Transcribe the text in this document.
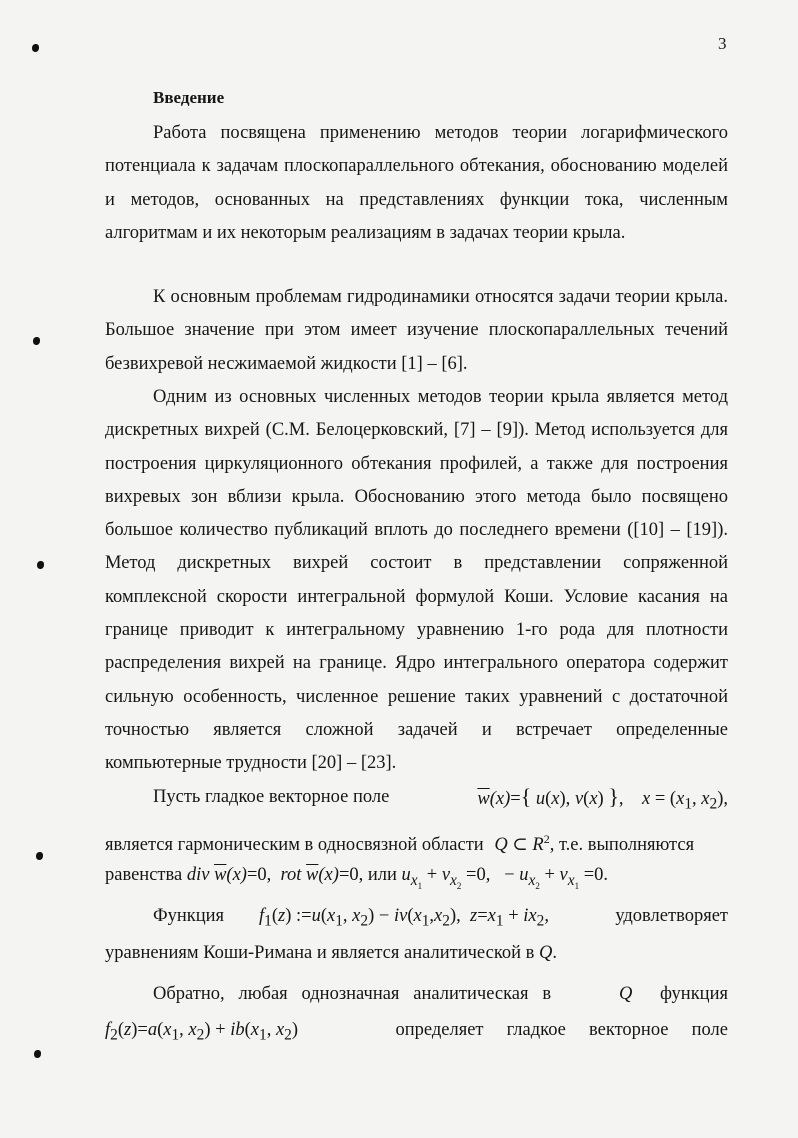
3
Введение

Работа посвящена применению методов теории логарифмического потенциала к задачам плоскопараллельного обтекания, обоснованию моделей и методов, основанных на представлениях функции тока, численным алгоритмам и их некоторым реализациям в задачах теории крыла.

К основным проблемам гидродинамики относятся задачи теории крыла. Большое значение при этом имеет изучение плоскопараллельных течений безвихревой несжимаемой жидкости [1] – [6].

Одним из основных численных методов теории крыла является метод дискретных вихрей (С.М. Белоцерковский, [7] – [9]). Метод используется для построения циркуляционного обтекания профилей, а также для построения вихревых зон вблизи крыла. Обоснованию этого метода было посвящено большое количество публикаций вплоть до последнего времени ([10] – [19]). Метод дискретных вихрей состоит в представлении сопряженной комплексной скорости интегральной формулой Коши. Условие касания на границе приводит к интегральному уравнению 1-го рода для плотности распределения вихрей на границе. Ядро интегрального оператора содержит сильную особенность, численное решение таких уравнений с достаточной точностью является сложной задачей и встречает определенные компьютерные трудности [20] – [23].

Пусть гладкое векторное поле	$\overline{w}(x)=${ u(x), v(x) },    $x = (x_1$, $x_2$),
является гармоническим в односвязной области Q ⊂ $R^2$, т.е. выполняются
равенства div $\overline{w}(x)=0$,  rot $\overline{w}(x)=0$, или $u_{x_1} + v_{x_2} =0$,   − $u_{x_2} + v_{x_1} =0$.
Функция $f_1(z)$ $:=u(x_1$, $x_2) - iv(x_1,x_2)$,  $z=x_1 + ix_2$,	удовлетворяет
уравнениям Коши-Римана и является аналитической в Q.
Обратно,   любая   однозначная   аналитическая   в	Q функция
$f_2(z)=a(x_1$, $x_2) + ib(x_1$, $x_2$)	определяет     гладкое     векторное     поле
